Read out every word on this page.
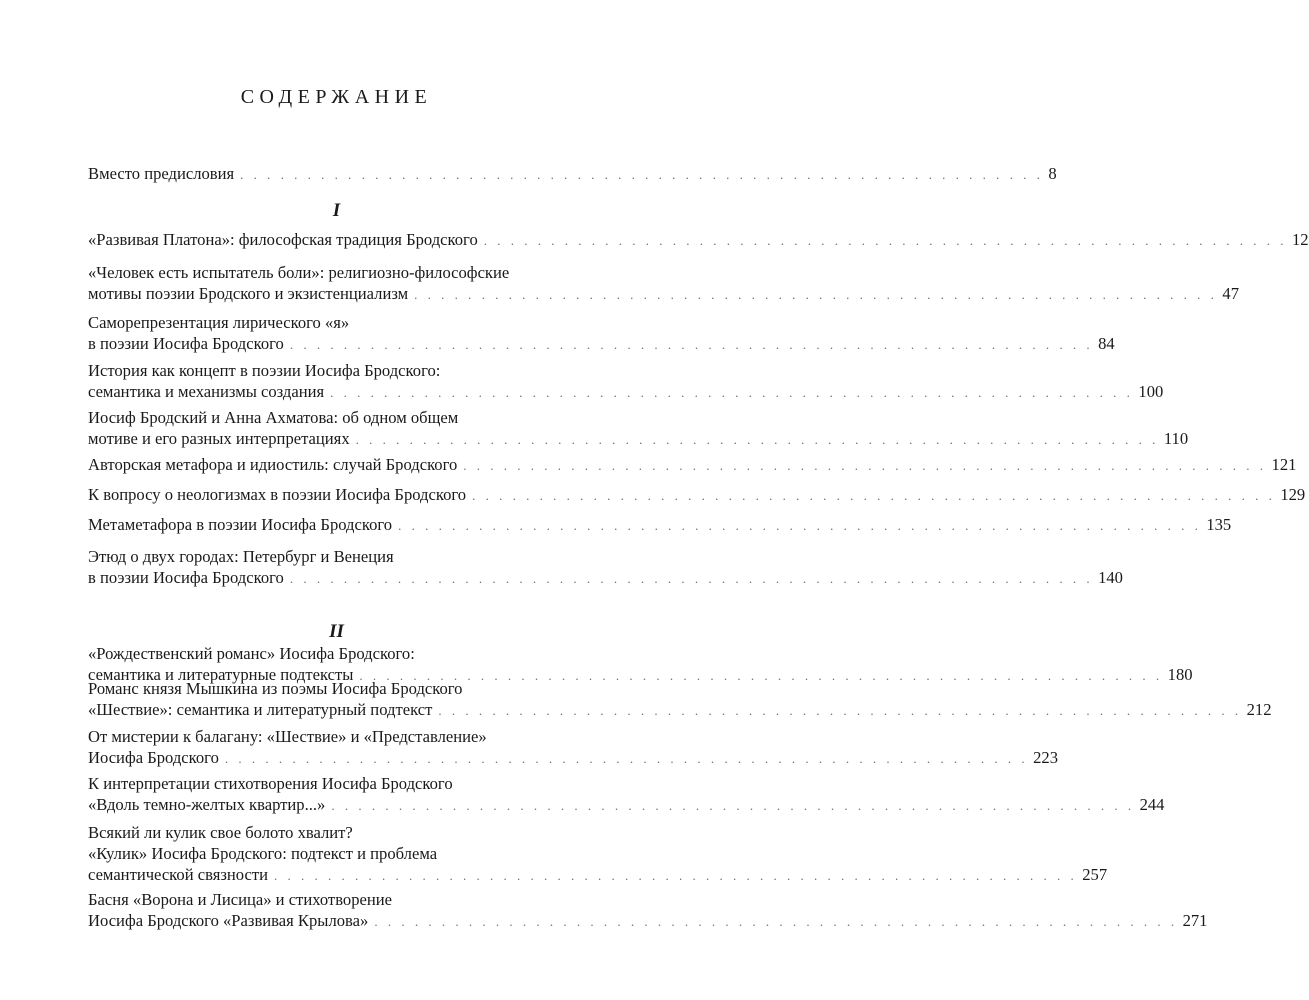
СОДЕРЖАНИЕ
Вместо предисловия . . . . . . . . . . . . . . . . . . . . . . . . . . . . . . . . . . . . . . . . . . . . . . . . . . . . . . . . . . . . 8
I
«Развивая Платона»: философская традиция Бродского . . . . . . . . . . . . . . . . . . . . . . . . . . . . . . . . . . . . . . . . . . . . . . . . . . . . . . . . . . . . 12
«Человек есть испытатель боли»: религиозно-философские
мотивы поэзии Бродского и экзистенциализм . . . . . . . . . . . . . . . . . . . . . . . . . . . . . . . . . . . . . . . . . . . . . . . . . . . . . . . . . . . . 47
Саморепрезентация лирического «я»
в поэзии Иосифа Бродского . . . . . . . . . . . . . . . . . . . . . . . . . . . . . . . . . . . . . . . . . . . . . . . . . . . . . . . . . . . . 84
История как концепт в поэзии Иосифа Бродского:
семантика и механизмы создания . . . . . . . . . . . . . . . . . . . . . . . . . . . . . . . . . . . . . . . . . . . . . . . . . . . . . . . . . . . . 100
Иосиф Бродский и Анна Ахматова: об одном общем
мотиве и его разных интерпретациях . . . . . . . . . . . . . . . . . . . . . . . . . . . . . . . . . . . . . . . . . . . . . . . . . . . . . . . . . . . . 110
Авторская метафора и идиостиль: случай Бродского . . . . . . . . . . . . . . . . . . . . . . . . . . . . . . . . . . . . . . . . . . . . . . . . . . . . . . . . . . . . 121
К вопросу о неологизмах в поэзии Иосифа Бродского . . . . . . . . . . . . . . . . . . . . . . . . . . . . . . . . . . . . . . . . . . . . . . . . . . . . . . . . . . . . 129
Метаметафора в поэзии Иосифа Бродского . . . . . . . . . . . . . . . . . . . . . . . . . . . . . . . . . . . . . . . . . . . . . . . . . . . . . . . . . . . . 135
Этюд о двух городах: Петербург и Венеция
в поэзии Иосифа Бродского . . . . . . . . . . . . . . . . . . . . . . . . . . . . . . . . . . . . . . . . . . . . . . . . . . . . . . . . . . . . 140
II
«Рождественский романс» Иосифа Бродского:
семантика и литературные подтексты . . . . . . . . . . . . . . . . . . . . . . . . . . . . . . . . . . . . . . . . . . . . . . . . . . . . . . . . . . . . 180
Романс князя Мышкина из поэмы Иосифа Бродского
«Шествие»: семантика и литературный подтекст . . . . . . . . . . . . . . . . . . . . . . . . . . . . . . . . . . . . . . . . . . . . . . . . . . . . . . . . . . . . 212
От мистерии к балагану: «Шествие» и «Представление»
Иосифа Бродского . . . . . . . . . . . . . . . . . . . . . . . . . . . . . . . . . . . . . . . . . . . . . . . . . . . . . . . . . . . . 223
К интерпретации стихотворения Иосифа Бродского
«Вдоль темно-желтых квартир...» . . . . . . . . . . . . . . . . . . . . . . . . . . . . . . . . . . . . . . . . . . . . . . . . . . . . . . . . . . . . 244
Всякий ли кулик свое болото хвалит?
«Кулик» Иосифа Бродского: подтекст и проблема
семантической связности . . . . . . . . . . . . . . . . . . . . . . . . . . . . . . . . . . . . . . . . . . . . . . . . . . . . . . . . . . . . 257
Басня «Ворона и Лисица» и стихотворение
Иосифа Бродского «Развивая Крылова» . . . . . . . . . . . . . . . . . . . . . . . . . . . . . . . . . . . . . . . . . . . . . . . . . . . . . . . . . . . . 271
